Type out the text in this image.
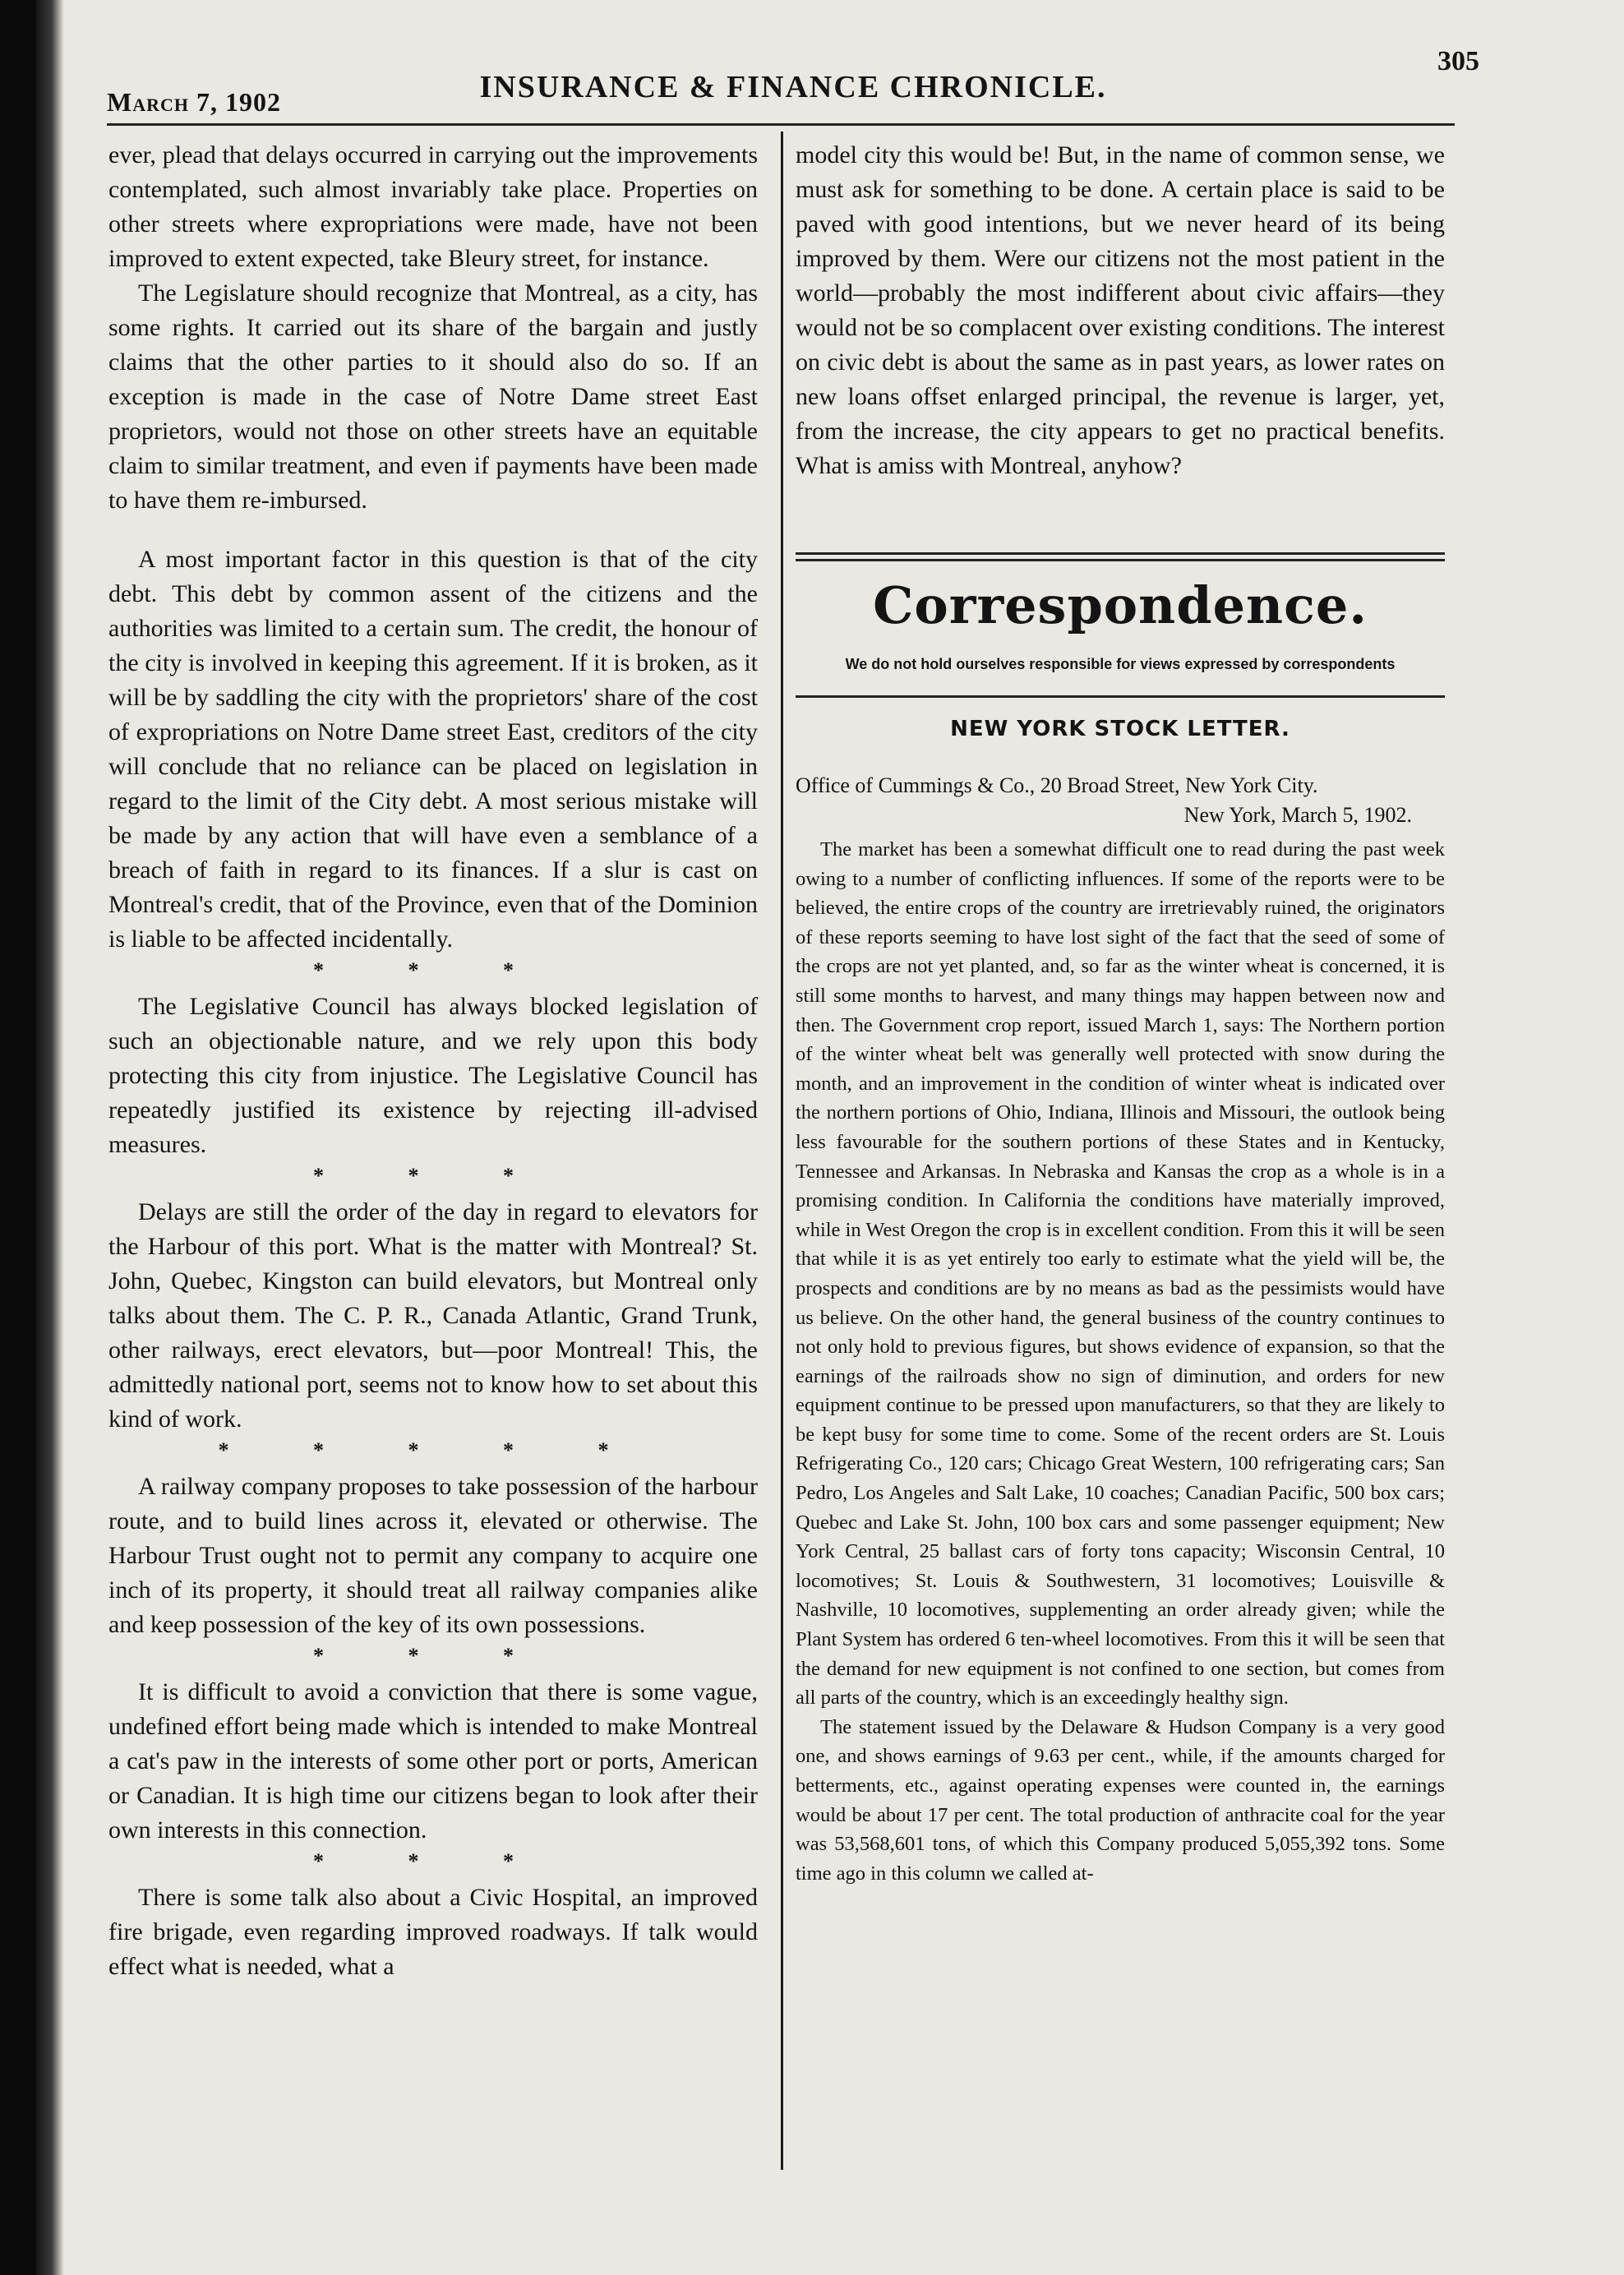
March 7, 1902	INSURANCE & FINANCE CHRONICLE.
305

ever, plead that delays occurred in carrying out the improvements contemplated, such almost invariably take place. Properties on other streets where expropriations were made, have not been improved to extent expected, take Bleury street, for instance.

The Legislature should recognize that Montreal, as a city, has some rights. It carried out its share of the bargain and justly claims that the other parties to it should also do so. If an exception is made in the case of Notre Dame street East proprietors, would not those on other streets have an equitable claim to similar treatment, and even if payments have been made to have them re-imbursed.

A most important factor in this question is that of the city debt. This debt by common assent of the citizens and the authorities was limited to a certain sum. The credit, the honour of the city is involved in keeping this agreement. If it is broken, as it will be by saddling the city with the proprietors' share of the cost of expropriations on Notre Dame street East, creditors of the city will conclude that no reliance can be placed on legislation in regard to the limit of the City debt. A most serious mistake will be made by any action that will have even a semblance of a breach of faith in regard to its finances. If a slur is cast on Montreal's credit, that of the Province, even that of the Dominion is liable to be affected incidentally.

* * *

The Legislative Council has always blocked legislation of such an objectionable nature, and we rely upon this body protecting this city from injustice. The Legislative Council has repeatedly justified its existence by rejecting ill-advised measures.

* * *

Delays are still the order of the day in regard to elevators for the Harbour of this port. What is the matter with Montreal? St. John, Quebec, Kingston can build elevators, but Montreal only talks about them. The C. P. R., Canada Atlantic, Grand Trunk, other railways, erect elevators, but—poor Montreal! This, the admittedly national port, seems not to know how to set about this kind of work.

* * * * *

A railway company proposes to take possession of the harbour route, and to build lines across it, elevated or otherwise. The Harbour Trust ought not to permit any company to acquire one inch of its property, it should treat all railway companies alike and keep possession of the key of its own possessions.

* * *

It is difficult to avoid a conviction that there is some vague, undefined effort being made which is intended to make Montreal a cat's paw in the interests of some other port or ports, American or Canadian. It is high time our citizens began to look after their own interests in this connection.

* * *

There is some talk also about a Civic Hospital, an improved fire brigade, even regarding improved roadways. If talk would effect what is needed, what a

model city this would be! But, in the name of common sense, we must ask for something to be done. A certain place is said to be paved with good intentions, but we never heard of its being improved by them. Were our citizens not the most patient in the world—probably the most indifferent about civic affairs—they would not be so complacent over existing conditions. The interest on civic debt is about the same as in past years, as lower rates on new loans offset enlarged principal, the revenue is larger, yet, from the increase, the city appears to get no practical benefits. What is amiss with Montreal, anyhow?

Correspondence.
We do not hold ourselves responsible for views expressed by correspondents
NEW YORK STOCK LETTER.

Office of Cummings & Co., 20 Broad Street, New York City.

New York, March 5, 1902.

The market has been a somewhat difficult one to read during the past week owing to a number of conflicting influences. If some of the reports were to be believed, the entire crops of the country are irretrievably ruined, the originators of these reports seeming to have lost sight of the fact that the seed of some of the crops are not yet planted, and, so far as the winter wheat is concerned, it is still some months to harvest, and many things may happen between now and then. The Government crop report, issued March 1, says: The Northern portion of the winter wheat belt was generally well protected with snow during the month, and an improvement in the condition of winter wheat is indicated over the northern portions of Ohio, Indiana, Illinois and Missouri, the outlook being less favourable for the southern portions of these States and in Kentucky, Tennessee and Arkansas. In Nebraska and Kansas the crop as a whole is in a promising condition. In California the conditions have materially improved, while in West Oregon the crop is in excellent condition. From this it will be seen that while it is as yet entirely too early to estimate what the yield will be, the prospects and conditions are by no means as bad as the pessimists would have us believe. On the other hand, the general business of the country continues to not only hold to previous figures, but shows evidence of expansion, so that the earnings of the railroads show no sign of diminution, and orders for new equipment continue to be pressed upon manufacturers, so that they are likely to be kept busy for some time to come. Some of the recent orders are St. Louis Refrigerating Co., 120 cars; Chicago Great Western, 100 refrigerating cars; San Pedro, Los Angeles and Salt Lake, 10 coaches; Canadian Pacific, 500 box cars; Quebec and Lake St. John, 100 box cars and some passenger equipment; New York Central, 25 ballast cars of forty tons capacity; Wisconsin Central, 10 locomotives; St. Louis & Southwestern, 31 locomotives; Louisville & Nashville, 10 locomotives, supplementing an order already given; while the Plant System has ordered 6 ten-wheel locomotives. From this it will be seen that the demand for new equipment is not confined to one section, but comes from all parts of the country, which is an exceedingly healthy sign.

The statement issued by the Delaware & Hudson Company is a very good one, and shows earnings of 9.63 per cent., while, if the amounts charged for betterments, etc., against operating expenses were counted in, the earnings would be about 17 per cent. The total production of anthracite coal for the year was 53,568,601 tons, of which this Company produced 5,055,392 tons. Some time ago in this column we called at-
